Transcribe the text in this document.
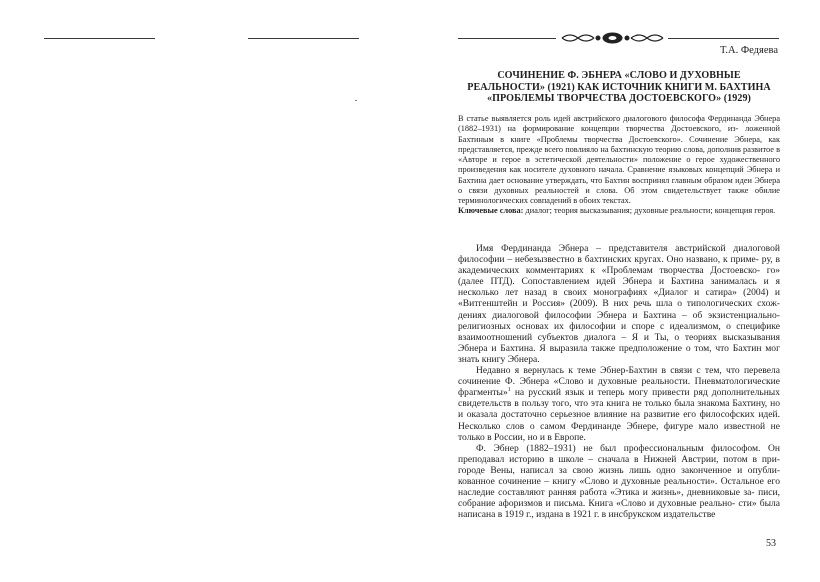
Т.А. Федяева
СОЧИНЕНИЕ Ф. ЭБНЕРА «СЛОВО И ДУХОВНЫЕ
РЕАЛЬНОСТИ» (1921) КАК ИСТОЧНИК КНИГИ М. БАХТИНА
«ПРОБЛЕМЫ ТВОРЧЕСТВА ДОСТОЕВСКОГО» (1929)

В статье выявляется роль идей австрийского диалогового философа Фердинанда Эбнера (1882–1931) на формирование концепции творчества Достоевского, из- ложенной Бахтиным в книге «Проблемы творчества Достоевского». Сочинение Эбнера, как представляется, прежде всего повлияло на бахтинскую теорию слова, дополнив развитое в «Авторе и герое в эстетической деятельности» положение о герое художественного произведения как носителе духовного начала. Сравнение языковых концепций Эбнера и Бахтина дает основание утверждать, что Бахтин воспринял главным образом идеи Эбнера о связи духовных реальностей и слова. Об этом свидетельствует также обилие терминологических совпадений в обоих текстах.

Ключевые слова: диалог; теория высказывания; духовные реальности; концепция героя.

Имя Фердинанда Эбнера – представителя австрийской диалоговой философии – небезызвестно в бахтинских кругах. Оно названо, к приме- ру, в академических комментариях к «Проблемам творчества Достоевско- го» (далее ПТД). Сопоставлением идей Эбнера и Бахтина занималась и я несколько лет назад в своих монографиях «Диалог и сатира» (2004) и «Витгенштейн и Россия» (2009). В них речь шла о типологических схож- дениях диалоговой философии Эбнера и Бахтина – об экзистенциально- религиозных основах их философии и споре с идеализмом, о специфике взаимоотношений субъектов диалога – Я и Ты, о теориях высказывания Эбнера и Бахтина. Я выразила также предположение о том, что Бахтин мог знать книгу Эбнера.

Недавно я вернулась к теме Эбнер-Бахтин в связи с тем, что перевела сочинение Ф. Эбнера «Слово и духовные реальности. Пневматологические фрагменты»$^1$ на русский язык и теперь могу привести ряд дополнительных свидетельств в пользу того, что эта книга не только была знакома Бахтину, но и оказала достаточно серьезное влияние на развитие его философских идей. Несколько слов о самом Фердинанде Эбнере, фигуре мало известной не только в России, но и в Европе.

Ф. Эбнер (1882–1931) не был профессиональным философом. Он преподавал историю в школе – сначала в Нижней Австрии, потом в при- городе Вены, написал за свою жизнь лишь одно законченное и опубли- кованное сочинение – книгу «Слово и духовные реальности». Остальное его наследие составляют ранняя работа «Этика и жизнь», дневниковые за- писи, собрание афоризмов и письма. Книга «Слово и духовные реально- сти» была написана в 1919 г., издана в 1921 г. в инсбрукском издательстве

53
